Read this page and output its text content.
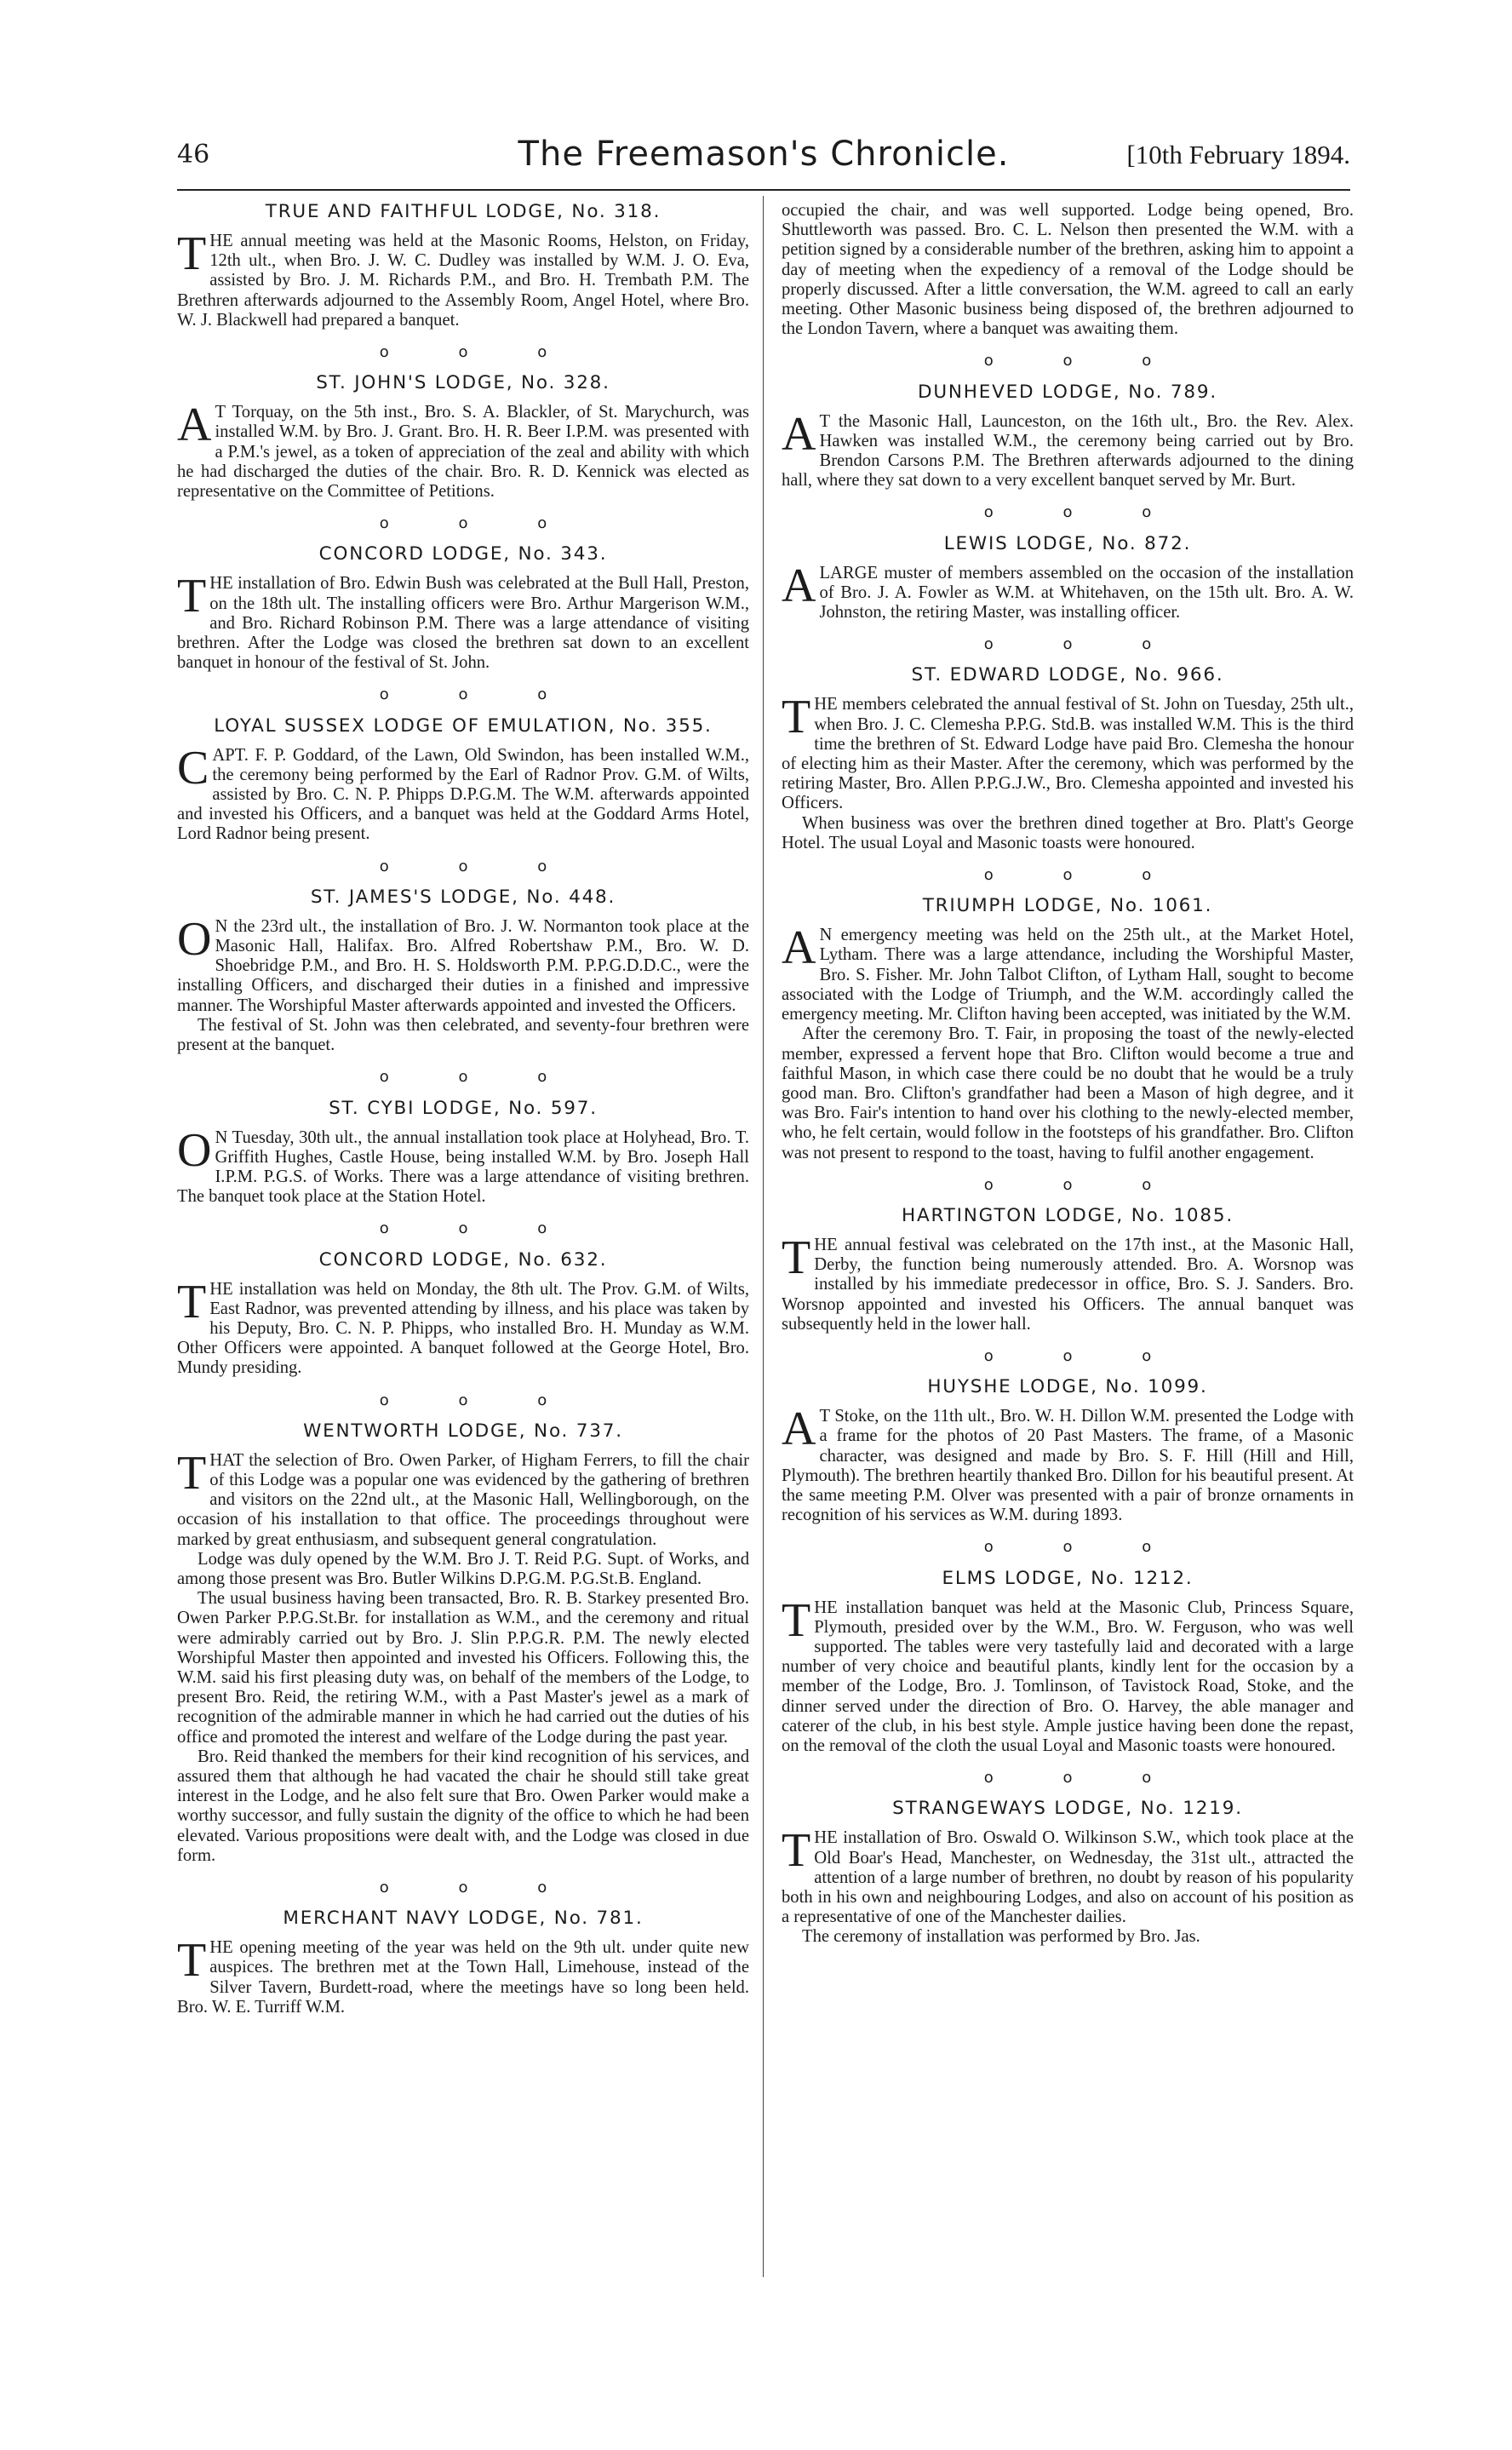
46	The Freemason's Chronicle.	[10th February 1894.
TRUE AND FAITHFUL LODGE, No. 318.

THE annual meeting was held at the Masonic Rooms, Helston, on Friday, 12th ult., when Bro. J. W. C. Dudley was installed by W.M. J. O. Eva, assisted by Bro. J. M. Richards P.M., and Bro. H. Trembath P.M. The Brethren afterwards adjourned to the Assembly Room, Angel Hotel, where Bro. W. J. Blackwell had prepared a banquet.

o o o
ST. JOHN'S LODGE, No. 328.

A T Torquay, on the 5th inst., Bro. S. A. Blackler, of St. Marychurch, was installed W.M. by Bro. J. Grant. Bro. H. R. Beer I.P.M. was presented with a P.M.'s jewel, as a token of appreciation of the zeal and ability with which he had discharged the duties of the chair. Bro. R. D. Kennick was elected as representative on the Committee of Petitions.

o o o
CONCORD LODGE, No. 343.

THE installation of Bro. Edwin Bush was celebrated at the Bull Hall, Preston, on the 18th ult. The installing officers were Bro. Arthur Margerison W.M., and Bro. Richard Robinson P.M. There was a large attendance of visiting brethren. After the Lodge was closed the brethren sat down to an excellent banquet in honour of the festival of St. John.

o o o
LOYAL SUSSEX LODGE OF EMULATION, No. 355.

CAPT. F. P. Goddard, of the Lawn, Old Swindon, has been installed W.M., the ceremony being performed by the Earl of Radnor Prov. G.M. of Wilts, assisted by Bro. C. N. P. Phipps D.P.G.M. The W.M. afterwards appointed and invested his Officers, and a banquet was held at the Goddard Arms Hotel, Lord Radnor being present.

o o o
ST. JAMES'S LODGE, No. 448.

O N the 23rd ult., the installation of Bro. J. W. Normanton took place at the Masonic Hall, Halifax. Bro. Alfred Robertshaw P.M., Bro. W. D. Shoebridge P.M., and Bro. H. S. Holdsworth P.M. P.P.G.D.D.C., were the installing Officers, and discharged their duties in a finished and impressive manner. The Worshipful Master afterwards appointed and invested the Officers.

The festival of St. John was then celebrated, and seventy-four brethren were present at the banquet.

o o o
ST. CYBI LODGE, No. 597.

O N Tuesday, 30th ult., the annual installation took place at Holyhead, Bro. T. Griffith Hughes, Castle House, being installed W.M. by Bro. Joseph Hall I.P.M. P.G.S. of Works. There was a large attendance of visiting brethren. The banquet took place at the Station Hotel.

o o o
CONCORD LODGE, No. 632.

THE installation was held on Monday, the 8th ult. The Prov. G.M. of Wilts, East Radnor, was prevented attending by illness, and his place was taken by his Deputy, Bro. C. N. P. Phipps, who installed Bro. H. Munday as W.M. Other Officers were appointed. A banquet followed at the George Hotel, Bro. Mundy presiding.

o o o
WENTWORTH LODGE, No. 737.

THAT the selection of Bro. Owen Parker, of Higham Ferrers, to fill the chair of this Lodge was a popular one was evidenced by the gathering of brethren and visitors on the 22nd ult., at the Masonic Hall, Wellingborough, on the occasion of his installation to that office. The proceedings throughout were marked by great enthusiasm, and subsequent general congratulation.

Lodge was duly opened by the W.M. Bro J. T. Reid P.G. Supt. of Works, and among those present was Bro. Butler Wilkins D.P.G.M. P.G.St.B. England.

The usual business having been transacted, Bro. R. B. Starkey presented Bro. Owen Parker P.P.G.St.Br. for installation as W.M., and the ceremony and ritual were admirably carried out by Bro. J. Slin P.P.G.R. P.M. The newly elected Worshipful Master then appointed and invested his Officers. Following this, the W.M. said his first pleasing duty was, on behalf of the members of the Lodge, to present Bro. Reid, the retiring W.M., with a Past Master's jewel as a mark of recognition of the admirable manner in which he had carried out the duties of his office and promoted the interest and welfare of the Lodge during the past year.

Bro. Reid thanked the members for their kind recognition of his services, and assured them that although he had vacated the chair he should still take great interest in the Lodge, and he also felt sure that Bro. Owen Parker would make a worthy successor, and fully sustain the dignity of the office to which he had been elevated. Various propositions were dealt with, and the Lodge was closed in due form.

o o o
MERCHANT NAVY LODGE, No. 781.

THE opening meeting of the year was held on the 9th ult. under quite new auspices. The brethren met at the Town Hall, Limehouse, instead of the Silver Tavern, Burdett-road, where the meetings have so long been held. Bro. W. E. Turriff W.M.

occupied the chair, and was well supported. Lodge being opened, Bro. Shuttleworth was passed. Bro. C. L. Nelson then presented the W.M. with a petition signed by a considerable number of the brethren, asking him to appoint a day of meeting when the expediency of a removal of the Lodge should be properly discussed. After a little conversation, the W.M. agreed to call an early meeting. Other Masonic business being disposed of, the brethren adjourned to the London Tavern, where a banquet was awaiting them.

o o o
DUNHEVED LODGE, No. 789.

A T the Masonic Hall, Launceston, on the 16th ult., Bro. the Rev. Alex. Hawken was installed W.M., the ceremony being carried out by Bro. Brendon Carsons P.M. The Brethren afterwards adjourned to the dining hall, where they sat down to a very excellent banquet served by Mr. Burt.

o o o
LEWIS LODGE, No. 872.

ALARGE muster of members assembled on the occasion of the installation of Bro. J. A. Fowler as W.M. at Whitehaven, on the 15th ult. Bro. A. W. Johnston, the retiring Master, was installing officer.

o o o
ST. EDWARD LODGE, No. 966.

THE members celebrated the annual festival of St. John on Tuesday, 25th ult., when Bro. J. C. Clemesha P.P.G. Std.B. was installed W.M. This is the third time the brethren of St. Edward Lodge have paid Bro. Clemesha the honour of electing him as their Master. After the ceremony, which was performed by the retiring Master, Bro. Allen P.P.G.J.W., Bro. Clemesha appointed and invested his Officers.

When business was over the brethren dined together at Bro. Platt's George Hotel. The usual Loyal and Masonic toasts were honoured.

o o o
TRIUMPH LODGE, No. 1061.

A N emergency meeting was held on the 25th ult., at the Market Hotel, Lytham. There was a large attendance, including the Worshipful Master, Bro. S. Fisher. Mr. John Talbot Clifton, of Lytham Hall, sought to become associated with the Lodge of Triumph, and the W.M. accordingly called the emergency meeting. Mr. Clifton having been accepted, was initiated by the W.M.

After the ceremony Bro. T. Fair, in proposing the toast of the newly-elected member, expressed a fervent hope that Bro. Clifton would become a true and faithful Mason, in which case there could be no doubt that he would be a truly good man. Bro. Clifton's grandfather had been a Mason of high degree, and it was Bro. Fair's intention to hand over his clothing to the newly-elected member, who, he felt certain, would follow in the footsteps of his grandfather. Bro. Clifton was not present to respond to the toast, having to fulfil another engagement.

o o o
HARTINGTON LODGE, No. 1085.

THE annual festival was celebrated on the 17th inst., at the Masonic Hall, Derby, the function being numerously attended. Bro. A. Worsnop was installed by his immediate predecessor in office, Bro. S. J. Sanders. Bro. Worsnop appointed and invested his Officers. The annual banquet was subsequently held in the lower hall.

o o o
HUYSHE LODGE, No. 1099.

A T Stoke, on the 11th ult., Bro. W. H. Dillon W.M. presented the Lodge with a frame for the photos of 20 Past Masters. The frame, of a Masonic character, was designed and made by Bro. S. F. Hill (Hill and Hill, Plymouth). The brethren heartily thanked Bro. Dillon for his beautiful present. At the same meeting P.M. Olver was presented with a pair of bronze ornaments in recognition of his services as W.M. during 1893.

o o o
ELMS LODGE, No. 1212.

THE installation banquet was held at the Masonic Club, Princess Square, Plymouth, presided over by the W.M., Bro. W. Ferguson, who was well supported. The tables were very tastefully laid and decorated with a large number of very choice and beautiful plants, kindly lent for the occasion by a member of the Lodge, Bro. J. Tomlinson, of Tavistock Road, Stoke, and the dinner served under the direction of Bro. O. Harvey, the able manager and caterer of the club, in his best style. Ample justice having been done the repast, on the removal of the cloth the usual Loyal and Masonic toasts were honoured.

o o o
STRANGEWAYS LODGE, No. 1219.

THE installation of Bro. Oswald O. Wilkinson S.W., which took place at the Old Boar's Head, Manchester, on Wednesday, the 31st ult., attracted the attention of a large number of brethren, no doubt by reason of his popularity both in his own and neighbouring Lodges, and also on account of his position as a representative of one of the Manchester dailies.

The ceremony of installation was performed by Bro. Jas.
